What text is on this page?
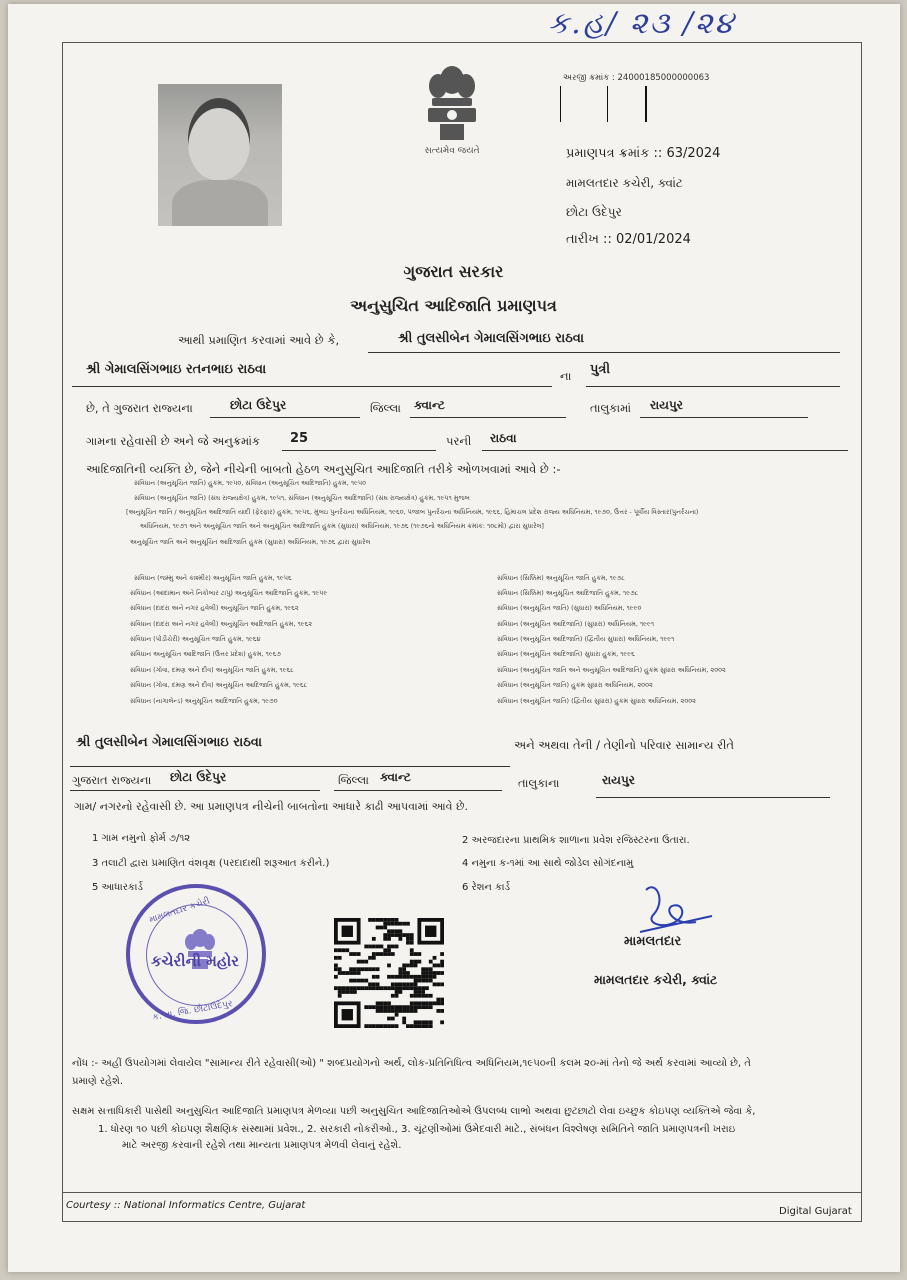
ક.હ/ ૨૩ /૨૪
સત્યમેવ જયતે
અરજી ક્રમાંક : 24000185000000063
પ્રમાણપત્ર ક્રમાંક :: 63/2024
મામલતદાર કચેરી, ક્વાંટ
છોટા ઉદેપુર
તારીખ :: 02/01/2024
ગુજરાત સરકાર
અનુસુચિત આદિજાતિ પ્રમાણપત્ર
આથી પ્રમાણિત કરવામાં આવે છે કે,	શ્રી તુલસીબેન ગેમાલસિંગભાઇ રાઠવા
શ્રી ગેમાલસિંગભાઇ રતનભાઇ રાઠવા	ના પુત્રી
છે, તે ગુજરાત રાજ્યના	છોટા ઉદેપુર	જિલ્લા ક્વાન્ટ	તાલુકામાં રાયપુર
ગામના રહેવાસી છે અને જે અનુક્રમાંક 25	પરની રાઠવા
આદિજાતિની વ્યક્તિ છે, જેને નીચેની બાબતો હેઠળ અનુસુચિત આદિજાતિ તરીકે ઓળખવામાં આવે છે :-
સંવિધાન (અનુસૂચિત જાતિ) હુકમ, ૧૯૫૦, સંવિધાન (અનુસૂચિત આદિજાતિ) હુકમ, ૧૯૫૦
સંવિધાન (અનુસૂચિત જાતિ) (સંઘ રાજ્યક્ષેત્ર) હુકમ, ૧૯૫૧, સંવિધાન (અનુસૂચિત આદિજાતિ) (સંઘ રાજ્યક્ષેત્ર) હુકમ, ૧૯૫૧ મુજબ
[અનુસૂચિત જાતિ / અનુસૂચિત આદિજાતિ યાદી (ફેરફાર) હુકમ, ૧૯૫૬, મુંબઇ પુનર્રચના અધિનિયમ, ૧૯૬૦, પંજાબ પુનર્રચના અધિનિયમ, ૧૯૬૬, હિમાચલ પ્રદેશ રાજ્ય અધિનિયમ, ૧૯૭૦, ઉત્તર - પૂર્વીય વિસ્તાર(પુનર્રચના)
અધિનિયમ, ૧૯૭૧ અને અનુસૂચિત જાતિ અને અનુસૂચિત આદિજાતિ હુકમ (સુધારા) અધિનિયમ, ૧૯૭૬ (૧૯૭૬નો અધિનિયમ ક્રમાંક: ૧૦૮મો) દ્વારા સુધારેલ]
અનુસૂચિત જાતિ અને અનુસૂચિત આદિજાતિ હુકમ (સુધારા) અધિનિયમ, ૧૯૭૬ દ્વારા સુધારેલ
સંવિધાન (જમ્મુ અને કાશ્મીર) અનુસૂચિત જાતિ હુકમ, ૧૯૫૬
સંવિધાન (આંદામાન અને નિકોબાર ટાપુ) અનુસૂચિત આદિજાતિ હુકમ, ૧૯૫૯
સંવિધાન (દાદરા અને નગર હવેલી) અનુસૂચિત જાતિ હુકમ, ૧૯૬૨
સંવિધાન (દાદરા અને નગર હવેલી) અનુસૂચિત આદિજાતિ હુકમ, ૧૯૬૨
સંવિધાન (પોંડીચેરી) અનુસૂચિત જાતિ હુકમ, ૧૯૬૪
સંવિધાન અનુસૂચિત આદિજાતિ (ઉત્તર પ્રદેશ) હુકમ, ૧૯૬૭
સંવિધાન (ગોવા, દમણ અને દીવ) અનુસૂચિત જાતિ હુકમ, ૧૯૬૮
સંવિધાન (ગોવા, દમણ અને દીવ) અનુસૂચિત આદિજાતિ હુકમ, ૧૯૬૮
સંવિધાન (નાગાલેન્ડ) અનુસૂચિત આદિજાતિ હુકમ, ૧૯૭૦
સંવિધાન (સિક્કિમ) અનુસૂચિત જાતિ હુકમ, ૧૯૭૮
સંવિધાન (સિક્કિમ) અનુસૂચિત આદિજાતિ હુકમ, ૧૯૭૮
સંવિધાન (અનુસૂચિત જાતિ) (સુધારા) અધિનિયમ, ૧૯૯૦
સંવિધાન (અનુસૂચિત આદિજાતિ) (સુધારા) અધિનિયમ, ૧૯૯૧
સંવિધાન (અનુસૂચિત આદિજાતિ) (દ્વિતીય સુધારા) અધિનિયમ, ૧૯૯૧
સંવિધાન (અનુસૂચિત આદિજાતિ) સુધારા હુકમ, ૧૯૯૬
સંવિધાન (અનુસૂચિત જાતિ અને અનુસૂચિત આદિજાતિ) હુકમ સુધારા અધિનિયમ, ૨૦૦૨
સંવિધાન (અનુસૂચિત જાતિ) હુકમ સુધારા અધિનિયમ, ૨૦૦૨
સંવિધાન (અનુસૂચિત જાતિ) (દ્વિતીય સુધારા) હુકમ સુધારા અધિનિયમ, ૨૦૦૨
શ્રી તુલસીબેન ગેમાલસિંગભાઇ રાઠવા	અને અથવા તેની / તેણીનો પરિવાર સામાન્ય રીતે
ગુજરાત રાજ્યના છોટા ઉદેપુર	જિલ્લા ક્વાન્ટ	તાલુકાના	રાયપુર
ગામ/ નગરનો રહેવાસી છે. આ પ્રમાણપત્ર નીચેની બાબતોના આધારે કાઢી આપવામાં આવે છે.
1 ગામ નમુનો ફોર્મ ૭/૧૨	2 અરજદારના પ્રાથમિક શાળાના પ્રવેશ રજિસ્ટરના ઉતારા.
3 તલાટી દ્વારા પ્રમાણિત વંશવૃક્ષ (પરદાદાથી શરૂઆત કરીને.)	4 નમુના ક-૧માં આ સાથે જોડેલ સોગંદનામુ
5 આધારકાર્ડ	6 રેશન કાર્ડ
મામલતદાર કચેરી
કચેરીની મહોર
ક. તા. જિ. છોટાઉદેપુર
મામલતદાર
મામલતદાર કચેરી, ક્વાંટ
નોંધ :- અહીં ઉપયોગમાં લેવાયેલ "સામાન્ય રીતે રહેવાસી(ઓ) " શબ્દપ્રયોગનો અર્થ, લોક-પ્રતિનિધિત્વ અધિનિયમ,૧૯૫૦ની કલમ ૨૦-માં તેનો જે અર્થ કરવામાં આવ્યો છે, તે
પ્રમાણે રહેશે.
સક્ષમ સત્તાધિકારી પાસેથી અનુસુચિત આદિજાતિ પ્રમાણપત્ર મેળવ્યા પછી અનુસુચિત આદિજાતિઓએ ઉપલબ્ધ લાભો અથવા છુટછાટો લેવા ઇચ્છુક કોઇપણ વ્યક્તિએ જેવા કે,
1. ધોરણ ૧૦ પછી કોઇપણ શૈક્ષણિક સંસ્થામાં પ્રવેશ., 2. સરકારી નોકરીઓ., 3. ચૂંટણીઓમાં ઉમેદવારી માટે., સંબંધન વિશ્લેષણ સમિતિને જાતિ પ્રમાણપત્રની ખરાઇ
માટે અરજી કરવાની રહેશે તથા માન્યતા પ્રમાણપત્ર મેળવી લેવાનું રહેશે.
Courtesy :: National Informatics Centre, Gujarat
Digital Gujarat
